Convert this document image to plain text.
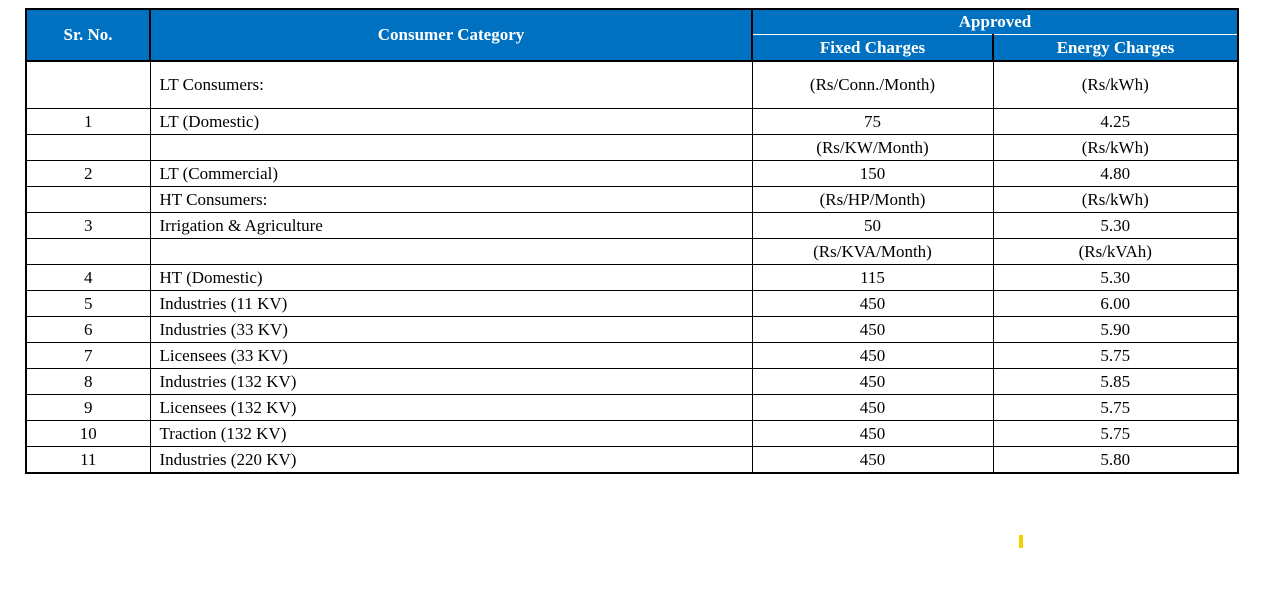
Sr. No.	Consumer Category	Approved	
		Fixed Charges	Energy Charges
	LT Consumers:	(Rs/Conn./Month)	(Rs/kWh)
1	LT (Domestic)	75	4.25
		(Rs/KW/Month)	(Rs/kWh)
2	LT (Commercial)	150	4.80
	HT Consumers:	(Rs/HP/Month)	(Rs/kWh)
3	Irrigation & Agriculture	50	5.30
		(Rs/KVA/Month)	(Rs/kVAh)
4	HT (Domestic)	115	5.30
5	Industries (11 KV)	450	6.00
6	Industries (33 KV)	450	5.90
7	Licensees (33 KV)	450	5.75
8	Industries (132 KV)	450	5.85
9	Licensees (132 KV)	450	5.75
10	Traction (132 KV)	450	5.75
11	Industries (220 KV)	450	5.80
